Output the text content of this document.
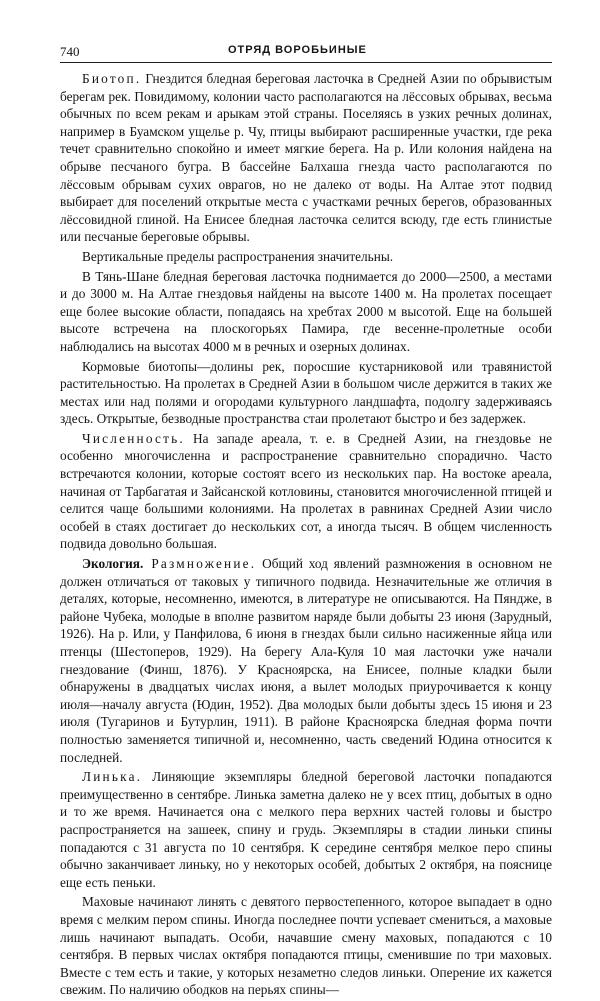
740	ОТРЯД ВОРОБЬИНЫЕ

Биотоп. Гнездится бледная береговая ласточка в Средней Азии по обрывистым берегам рек. Повидимому, колонии часто располагаются на лёссовых обрывах, весьма обычных по всем рекам и арыкам этой страны. Поселяясь в узких речных долинах, например в Буамском ущелье р. Чу, птицы выбирают расширенные участки, где река течет сравнительно спокойно и имеет мягкие берега. На р. Или колония найдена на обрыве песчаного бугра. В бассейне Балхаша гнезда часто располагаются по лёссовым обрывам сухих оврагов, но не далеко от воды. На Алтае этот подвид выбирает для поселений открытые места с участками речных берегов, образованных лёссовидной глиной. На Енисее бледная ласточка селится всюду, где есть глинистые или песчаные береговые обрывы.

Вертикальные пределы распространения значительны.

В Тянь-Шане бледная береговая ласточка поднимается до 2000—2500, а местами и до 3000 м. На Алтае гнездовья найдены на высоте 1400 м. На пролетах посещает еще более высокие области, попадаясь на хребтах 2000 м высотой. Еще на большей высоте встречена на плоскогорьях Памира, где весенне-пролетные особи наблюдались на высотах 4000 м в речных и озерных долинах.

Кормовые биотопы—долины рек, поросшие кустарниковой или травянистой растительностью. На пролетах в Средней Азии в большом числе держится в таких же местах или над полями и огородами культурного ландшафта, подолгу задерживаясь здесь. Открытые, безводные пространства стаи пролетают быстро и без задержек.

Численность. На западе ареала, т. е. в Средней Азии, на гнездовье не особенно многочисленна и распространение сравнительно спорадично. Часто встречаются колонии, которые состоят всего из нескольких пар. На востоке ареала, начиная от Тарбагатая и Зайсанской котловины, становится многочисленной птицей и селится чаще большими колониями. На пролетах в равнинах Средней Азии число особей в стаях достигает до нескольких сот, а иногда тысяч. В общем численность подвида довольно большая.

Экология. Размножение. Общий ход явлений размножения в основном не должен отличаться от таковых у типичного подвида. Незначительные же отличия в деталях, которые, несомненно, имеются, в литературе не описываются. На Пяндже, в районе Чубека, молодые в вполне развитом наряде были добыты 23 июня (Зарудный, 1926). На р. Или, у Панфилова, 6 июня в гнездах были сильно насиженные яйца или птенцы (Шестоперов, 1929). На берегу Ала-Куля 10 мая ласточки уже начали гнездование (Финш, 1876). У Красноярска, на Енисее, полные кладки были обнаружены в двадцатых числах июня, а вылет молодых приурочивается к концу июля—началу августа (Юдин, 1952). Два молодых были добыты здесь 15 июня и 23 июля (Тугаринов и Бутурлин, 1911). В районе Красноярска бледная форма почти полностью заменяется типичной и, несомненно, часть сведений Юдина относится к последней.

Линька. Линяющие экземпляры бледной береговой ласточки попадаются преимущественно в сентябре. Линька заметна далеко не у всех птиц, добытых в одно и то же время. Начинается она с мелкого пера верхних частей головы и быстро распространяется на зашеек, спину и грудь. Экземпляры в стадии линьки спины попадаются с 31 августа по 10 сентября. К середине сентября мелкое перо спины обычно заканчивает линьку, но у некоторых особей, добытых 2 октября, на пояснице еще есть пеньки.

Маховые начинают линять с девятого первостепенного, которое выпадает в одно время с мелким пером спины. Иногда последнее почти успевает смениться, а маховые лишь начинают выпадать. Особи, начавшие смену маховых, попадаются с 10 сентября. В первых числах октября попадаются птицы, сменившие по три маховых. Вместе с тем есть и такие, у которых незаметно следов линьки. Оперение их кажется свежим. По наличию ободков на перьях спины—
